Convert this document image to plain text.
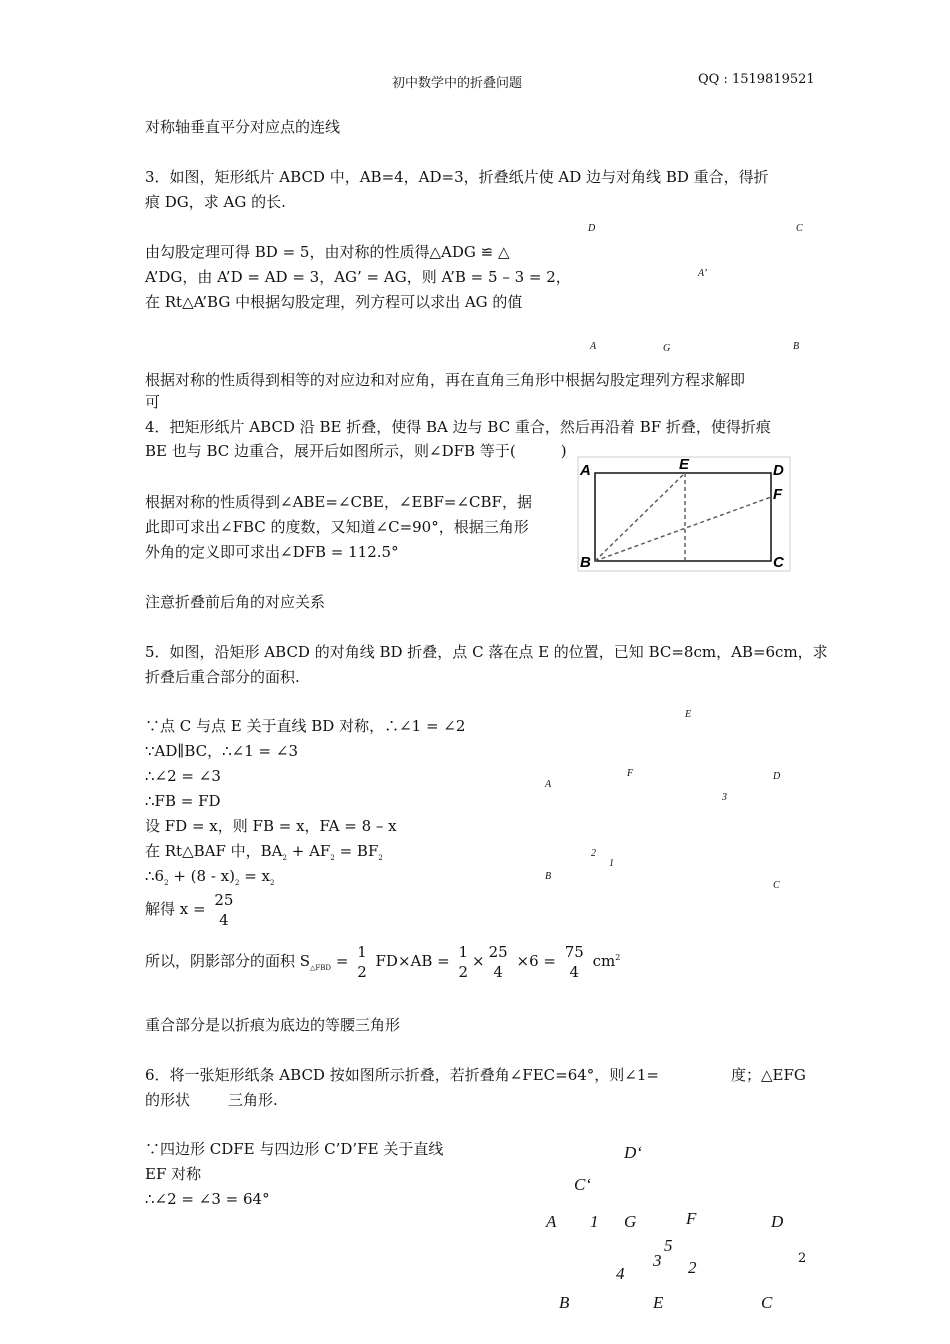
初中数学中的折叠问题	QQ : 1519819521
对称轴垂直平分对应点的连线
3．如图，矩形纸片 ABCD 中，AB=4，AD=3，折叠纸片使 AD 边与对角线 BD 重合，得折
痕 DG，求 AG 的长.
由勾股定理可得 BD = 5，由对称的性质得△ADG ≌ △
A’DG，由 A’D = AD = 3，AG’ = AG，则 A’B = 5 – 3 = 2，
在 Rt△A’BG 中根据勾股定理，列方程可以求出 AG 的值
D	C
A’
A	G	B
根据对称的性质得到相等的对应边和对应角，再在直角三角形中根据勾股定理列方程求解即
可
4．把矩形纸片 ABCD 沿 BE 折叠，使得 BA 边与 BC 重合，然后再沿着 BF 折叠，使得折痕
BE 也与 BC 边重合，展开后如图所示，则∠DFB 等于(　　　)
根据对称的性质得到∠ABE=∠CBE，∠EBF=∠CBF，据
此即可求出∠FBC 的度数，又知道∠C=90°，根据三角形
外角的定义即可求出∠DFB = 112.5°
A	E	D
F
B	C
注意折叠前后角的对应关系
5．如图，沿矩形 ABCD 的对角线 BD 折叠，点 C 落在点 E 的位置，已知 BC=8cm，AB=6cm，求
折叠后重合部分的面积.
∵点 C 与点 E 关于直线 BD 对称，∴∠1 = ∠2
∵AD∥BC，∴∠1 = ∠3
∴∠2 = ∠3
∴FB = FD
设 FD = x，则 FB = x，FA = 8 – x
在 Rt△BAF 中，$BA_2 + AF_2 = BF_2$
$\therefore 6_2 + (8 - x)_2 = x_2$
解得 x = 25
4
所以，阴影部分的面积 $S_{\triangle FBD} = 1$
2
FD×AB = 1
2
× 25
4
×6 = 75
4
$cm^2$
E
F
A
D
3
2
1
B
C
重合部分是以折痕为底边的等腰三角形
6．将一张矩形纸条 ABCD 按如图所示折叠，若折叠角∠FEC=64°，则∠1=	度；△EFG
的形状	三角形.
∵四边形 CDFE 与四边形 C’D’FE 关于直线
EF 对称
∴∠2 = ∠3 = 64°
D‘
C‘
A 1 G	F	D
5
3 2
4
B	E	C
2
